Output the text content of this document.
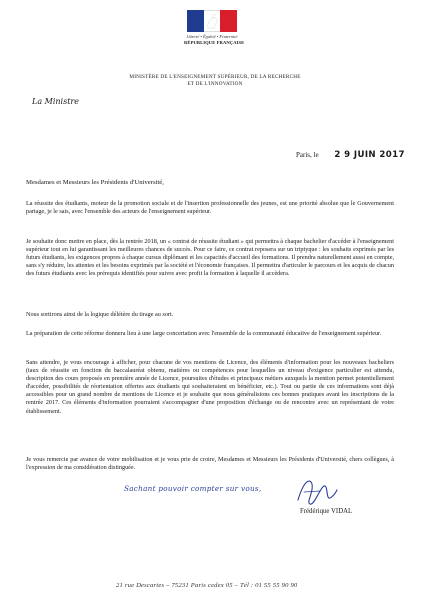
Liberté • Égalité • Fraternité
RÉPUBLIQUE FRANÇAISE
MINISTÈRE DE L'ENSEIGNEMENT SUPÉRIEUR, DE LA RECHERCHE
ET DE L'INNOVATION
La Ministre
Paris, le 2 9 JUIN 2017
Mesdames et Messieurs les Présidents d'Université,

La réussite des étudiants, moteur de la promotion sociale et de l'insertion professionnelle des jeunes, est une priorité absolue que le Gouvernement partage, je le sais, avec l'ensemble des acteurs de l'enseignement supérieur.

Je souhaite donc mettre en place, dès la rentrée 2018, un « contrat de réussite étudiant » qui permettra à chaque bachelier d'accéder à l'enseignement supérieur tout en lui garantissant les meilleures chances de succès. Pour ce faire, ce contrat reposera sur un triptyque : les souhaits exprimés par les futurs étudiants, les exigences propres à chaque cursus diplômant et les capacités d'accueil des formations. Il prendra naturellement aussi en compte, sans s'y réduire, les attentes et les besoins exprimés par la société et l'économie françaises. Il permettra d'articuler le parcours et les acquis de chacun des futurs étudiants avec les prérequis identifiés pour suivre avec profit la formation à laquelle il accèdera.

Nous sortirons ainsi de la logique délétère du tirage au sort.

La préparation de cette réforme donnera lieu à une large concertation avec l'ensemble de la communauté éducative de l'enseignement supérieur.

Sans attendre, je vous encourage à afficher, pour chacune de vos mentions de Licence, des éléments d'information pour les nouveaux bacheliers (taux de réussite en fonction du baccalauréat obtenu, matières ou compétences pour lesquelles un niveau d'exigence particulier est attendu, description des cours proposés en première année de Licence, poursuites d'études et principaux métiers auxquels la mention permet potentiellement d'accéder, possibilités de réorientation offertes aux étudiants qui souhaiteraient en bénéficier, etc.). Tout ou partie de ces informations sont déjà accessibles pour un grand nombre de mentions de Licence et je souhaite que nous généralisions ces bonnes pratiques avant les inscriptions de la rentrée 2017. Ces éléments d'information pourraient s'accompagner d'une proposition d'échange ou de rencontre avec un représentant de votre établissement.

Je vous remercie par avance de votre mobilisation et je vous prie de croire, Mesdames et Messieurs les Présidents d'Université, chers collègues, à l'expression de ma considération distinguée.

Sachant pouvoir compter sur vous,
Frédérique VIDAL
21 rue Descartes – 75231 Paris cedex 05 – Tél : 01 55 55 90 90
